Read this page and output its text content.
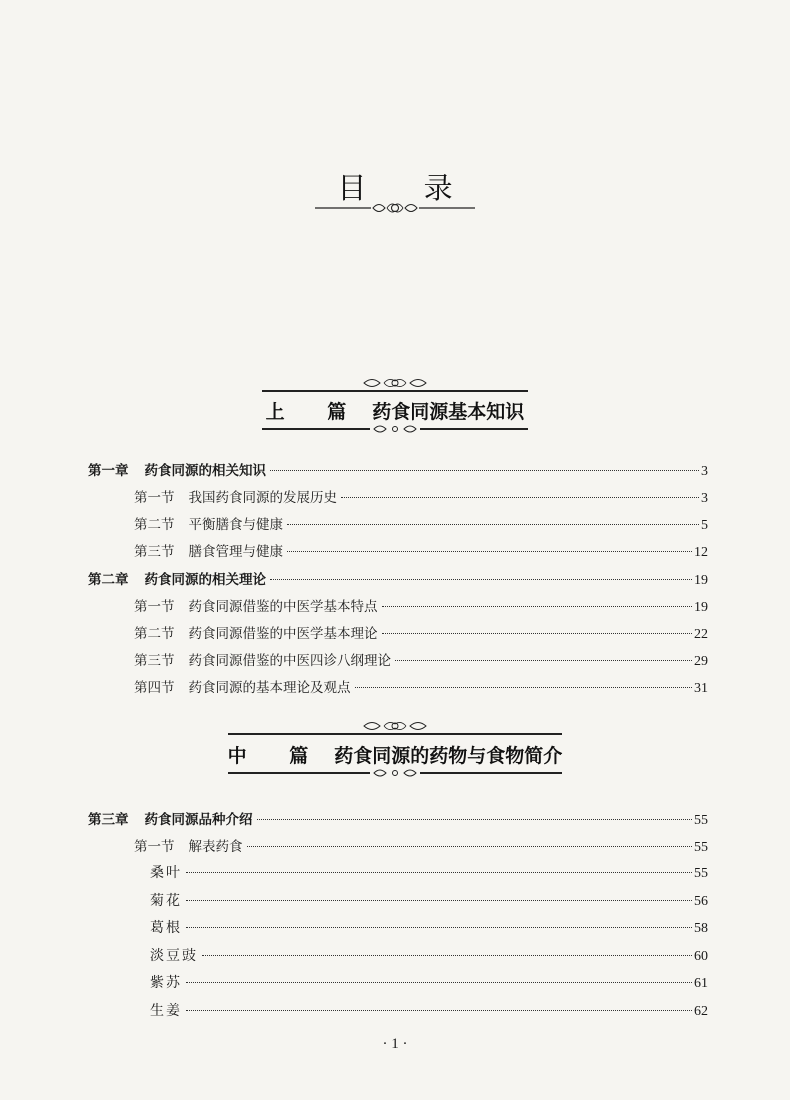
目 录
上 篇 药食同源基本知识
第一章 药食同源的相关知识	3
第一节 我国药食同源的发展历史	3
第二节 平衡膳食与健康	5
第三节 膳食管理与健康	12
第二章 药食同源的相关理论	19
第一节 药食同源借鉴的中医学基本特点	19
第二节 药食同源借鉴的中医学基本理论	22
第三节 药食同源借鉴的中医四诊八纲理论	29
第四节 药食同源的基本理论及观点	31
中 篇 药食同源的药物与食物简介
第三章 药食同源品种介绍	55
第一节 解表药食	55
桑叶	55
菊花	56
葛根	58
淡豆豉	60
紫苏	61
生姜	62
· 1 ·
